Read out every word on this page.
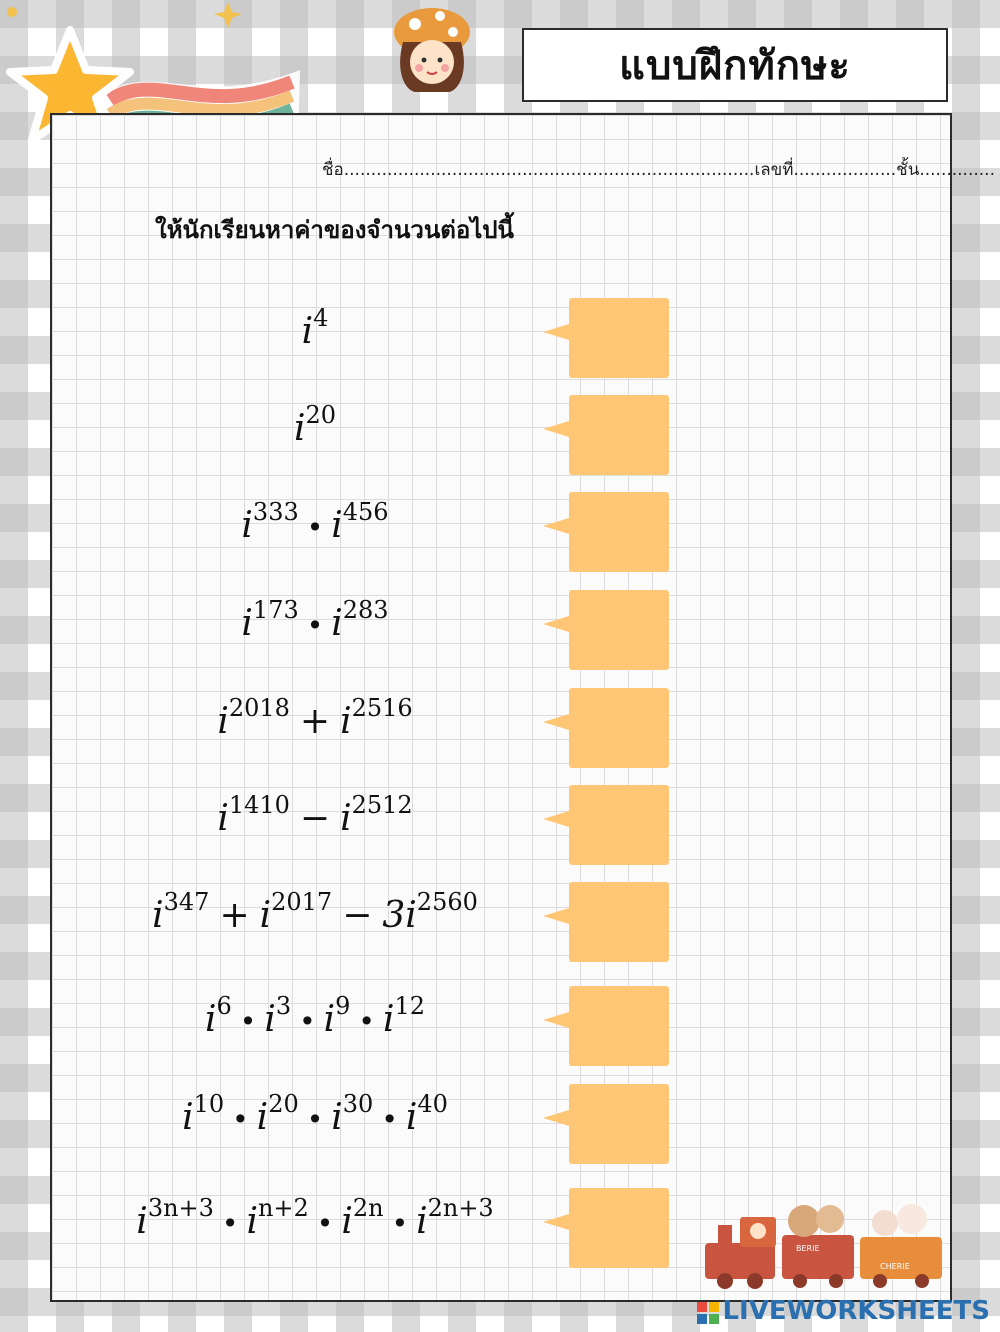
แบบฝึกทักษะ
ชื่อ............................................................................เลขที่...................ชั้น..............
ให้นักเรียนหาค่าของจำนวนต่อไปนี้
$i^4$
$i^{20}$
$i^{333}$ • $i^{456}$
$i^{173}$ • $i^{283}$
$i^{2018} + i^{2516}$
$i^{1410} - i^{2512}$
$i^{347} + i^{2017} - 3i^{2560}$
$i^6$ • $i^3$ • $i^9$ • $i^{12}$
$i^{10}$ • $i^{20}$ • $i^{30}$ • $i^{40}$
$i^{3n+3}$ • $i^{n+2}$ • $i^{2n}$ • $i^{2n+3}$
BERIE
CHERIE
LIVEWORKSHEETS
